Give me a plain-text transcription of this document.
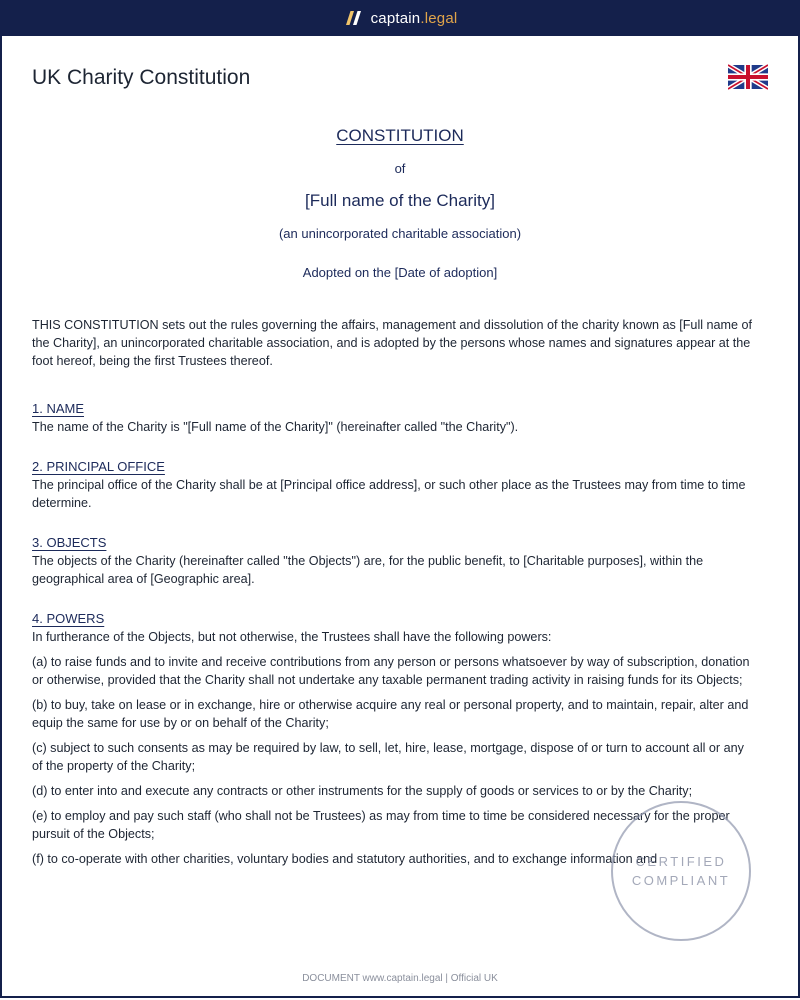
captain.legal
UK Charity Constitution
CONSTITUTION
of
[Full name of the Charity]
(an unincorporated charitable association)
Adopted on the [Date of adoption]

THIS CONSTITUTION sets out the rules governing the affairs, management and dissolution of the charity known as [Full name of the Charity], an unincorporated charitable association, and is adopted by the persons whose names and signatures appear at the foot hereof, being the first Trustees thereof.

1. NAME

The name of the Charity is "[Full name of the Charity]" (hereinafter called "the Charity").

2. PRINCIPAL OFFICE

The principal office of the Charity shall be at [Principal office address], or such other place as the Trustees may from time to time determine.

3. OBJECTS

The objects of the Charity (hereinafter called "the Objects") are, for the public benefit, to [Charitable purposes], within the geographical area of [Geographic area].

4. POWERS

In furtherance of the Objects, but not otherwise, the Trustees shall have the following powers:

(a) to raise funds and to invite and receive contributions from any person or persons whatsoever by way of subscription, donation or otherwise, provided that the Charity shall not undertake any taxable permanent trading activity in raising funds for its Objects;

(b) to buy, take on lease or in exchange, hire or otherwise acquire any real or personal property, and to maintain, repair, alter and equip the same for use by or on behalf of the Charity;

(c) subject to such consents as may be required by law, to sell, let, hire, lease, mortgage, dispose of or turn to account all or any of the property of the Charity;

(d) to enter into and execute any contracts or other instruments for the supply of goods or services to or by the Charity;

(e) to employ and pay such staff (who shall not be Trustees) as may from time to time be considered necessary for the proper pursuit of the Objects;

(f) to co-operate with other charities, voluntary bodies and statutory authorities, and to exchange information and

CERTIFIED
COMPLIANT
DOCUMENT www.captain.legal | Official UK
